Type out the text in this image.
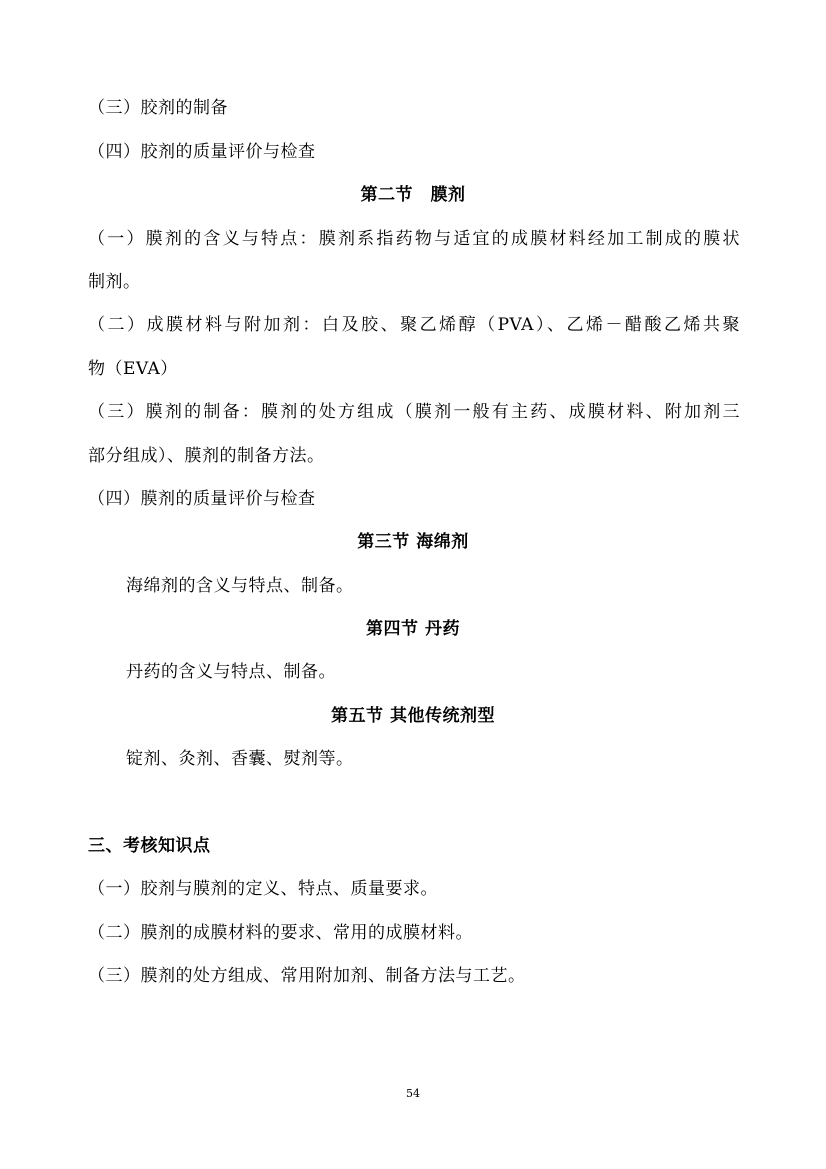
（三）胶剂的制备
（四）胶剂的质量评价与检查
第二节　膜剂
（一）膜剂的含义与特点：膜剂系指药物与适宜的成膜材料经加工制成的膜状
制剂。
（二）成膜材料与附加剂：白及胶、聚乙烯醇（PVA）、乙烯－醋酸乙烯共聚
物（EVA）
（三）膜剂的制备：膜剂的处方组成（膜剂一般有主药、成膜材料、附加剂三
部分组成）、膜剂的制备方法。
（四）膜剂的质量评价与检查
第三节 海绵剂
海绵剂的含义与特点、制备。
第四节 丹药
丹药的含义与特点、制备。
第五节 其他传统剂型
锭剂、灸剂、香囊、熨剂等。
三、考核知识点
（一）胶剂与膜剂的定义、特点、质量要求。
（二）膜剂的成膜材料的要求、常用的成膜材料。
（三）膜剂的处方组成、常用附加剂、制备方法与工艺。
54
